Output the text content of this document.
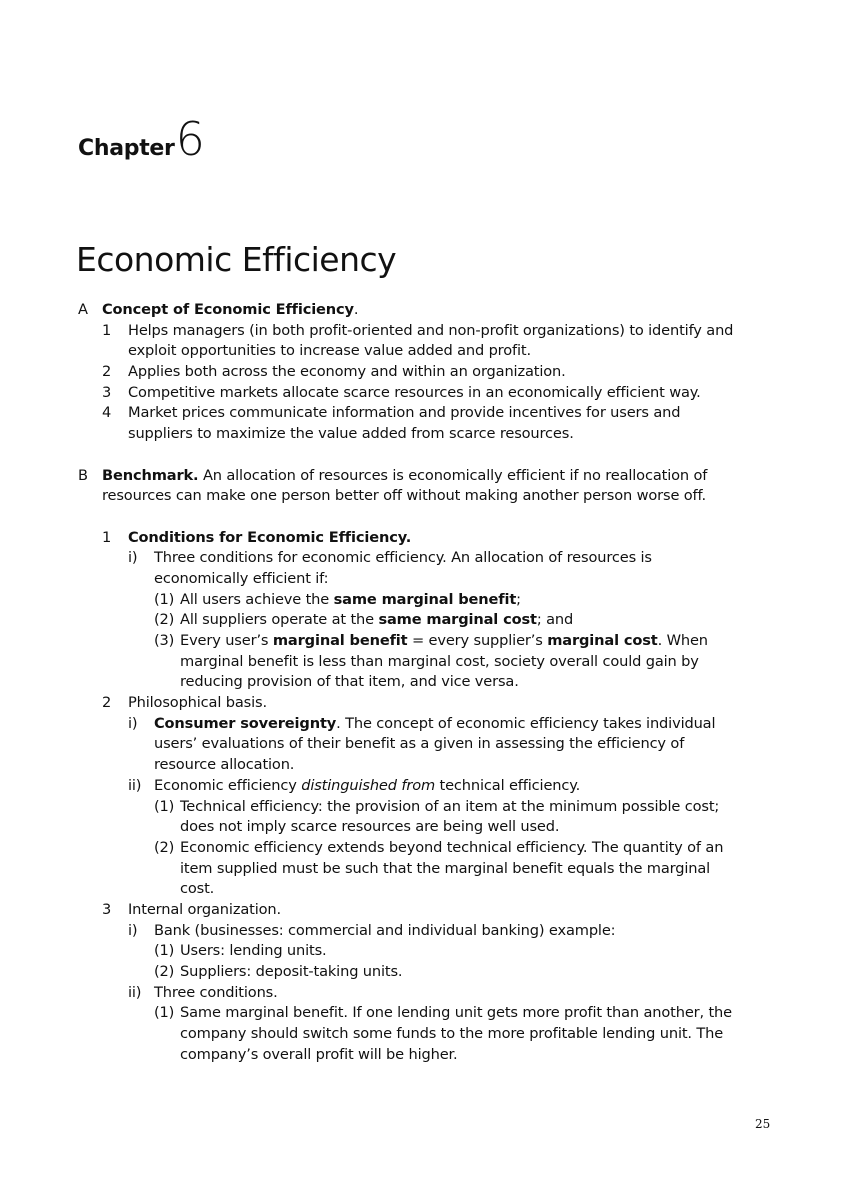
Chapter6
Economic Efficiency
A Concept of Economic Efficiency.
1 Helps managers (in both profit-oriented and non-profit organizations) to identify and
exploit opportunities to increase value added and profit.
2 Applies both across the economy and within an organization.
3 Competitive markets allocate scarce resources in an economically efficient way.
4 Market prices communicate information and provide incentives for users and
suppliers to maximize the value added from scarce resources.
B Benchmark. An allocation of resources is economically efficient if no reallocation of
resources can make one person better off without making another person worse off.
1 Conditions for Economic Efficiency.
i) Three conditions for economic efficiency. An allocation of resources is
economically efficient if:
(1) All users achieve the same marginal benefit;
(2) All suppliers operate at the same marginal cost; and
(3) Every user’s marginal benefit = every supplier’s marginal cost. When
marginal benefit is less than marginal cost, society overall could gain by
reducing provision of that item, and vice versa.
2 Philosophical basis.
i) Consumer sovereignty. The concept of economic efficiency takes individual
users’ evaluations of their benefit as a given in assessing the efficiency of
resource allocation.
ii) Economic efficiency distinguished from technical efficiency.
(1) Technical efficiency: the provision of an item at the minimum possible cost;
does not imply scarce resources are being well used.
(2) Economic efficiency extends beyond technical efficiency. The quantity of an
item supplied must be such that the marginal benefit equals the marginal
cost.
3 Internal organization.
i) Bank (businesses: commercial and individual banking) example:
(1) Users: lending units.
(2) Suppliers: deposit-taking units.
ii) Three conditions.
(1) Same marginal benefit. If one lending unit gets more profit than another, the
company should switch some funds to the more profitable lending unit. The
company’s overall profit will be higher.
25
